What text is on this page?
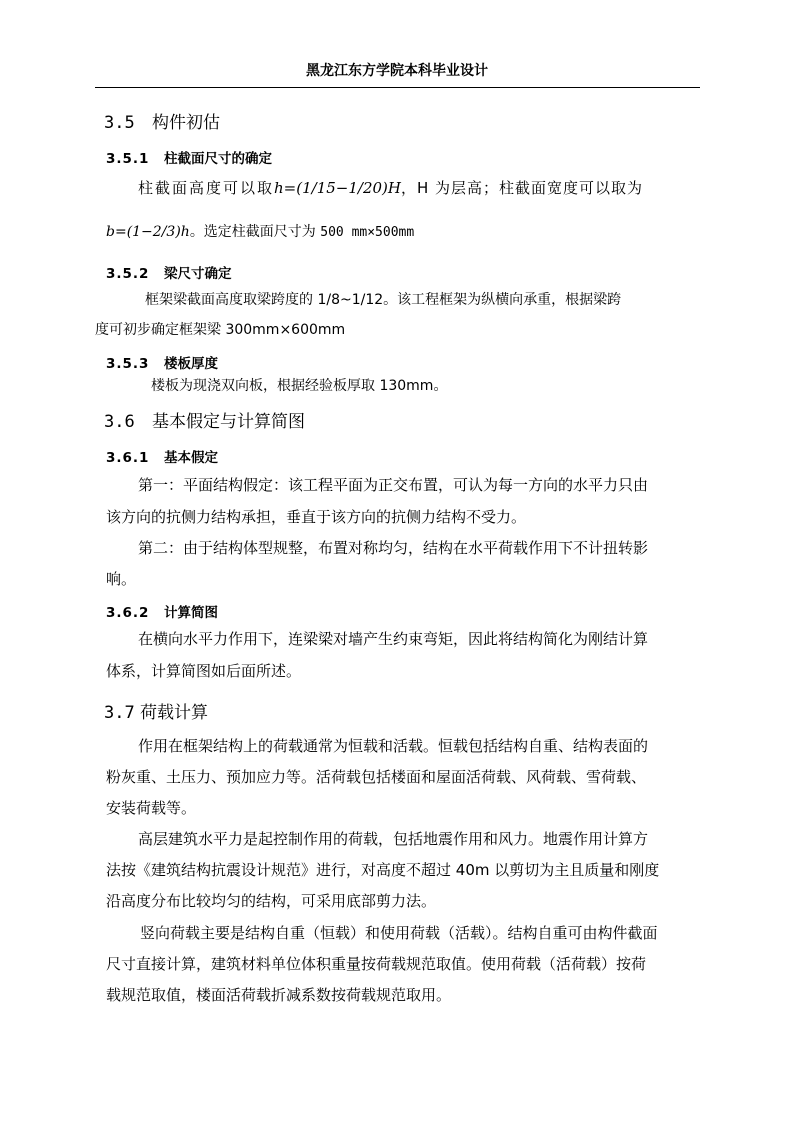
黑龙江东方学院本科毕业设计
3.5 构件初估
3.5.1 柱截面尺寸的确定
柱截面高度可以取h=(1/15−1/20)H，H 为层高；柱截面宽度可以取为
b=(1−2/3)h。选定柱截面尺寸为 500 mm×500mm
3.5.2 梁尺寸确定
框架梁截面高度取梁跨度的 1/8~1/12。该工程框架为纵横向承重，根据梁跨
度可初步确定框架梁 300mm×600mm
3.5.3 楼板厚度
楼板为现浇双向板，根据经验板厚取 130mm。
3.6 基本假定与计算简图
3.6.1 基本假定
第一：平面结构假定：该工程平面为正交布置，可认为每一方向的水平力只由
该方向的抗侧力结构承担，垂直于该方向的抗侧力结构不受力。
第二：由于结构体型规整，布置对称均匀，结构在水平荷载作用下不计扭转影
响。
3.6.2 计算简图
在横向水平力作用下，连梁梁对墙产生约束弯矩，因此将结构简化为刚结计算
体系，计算简图如后面所述。
3.7 荷载计算
作用在框架结构上的荷载通常为恒载和活载。恒载包括结构自重、结构表面的
粉灰重、土压力、预加应力等。活荷载包括楼面和屋面活荷载、风荷载、雪荷载、
安装荷载等。
高层建筑水平力是起控制作用的荷载，包括地震作用和风力。地震作用计算方
法按《建筑结构抗震设计规范》进行，对高度不超过 40m 以剪切为主且质量和刚度
沿高度分布比较均匀的结构，可采用底部剪力法。
竖向荷载主要是结构自重（恒载）和使用荷载（活载）。结构自重可由构件截面
尺寸直接计算，建筑材料单位体积重量按荷载规范取值。使用荷载（活荷载）按荷
载规范取值，楼面活荷载折减系数按荷载规范取用。
